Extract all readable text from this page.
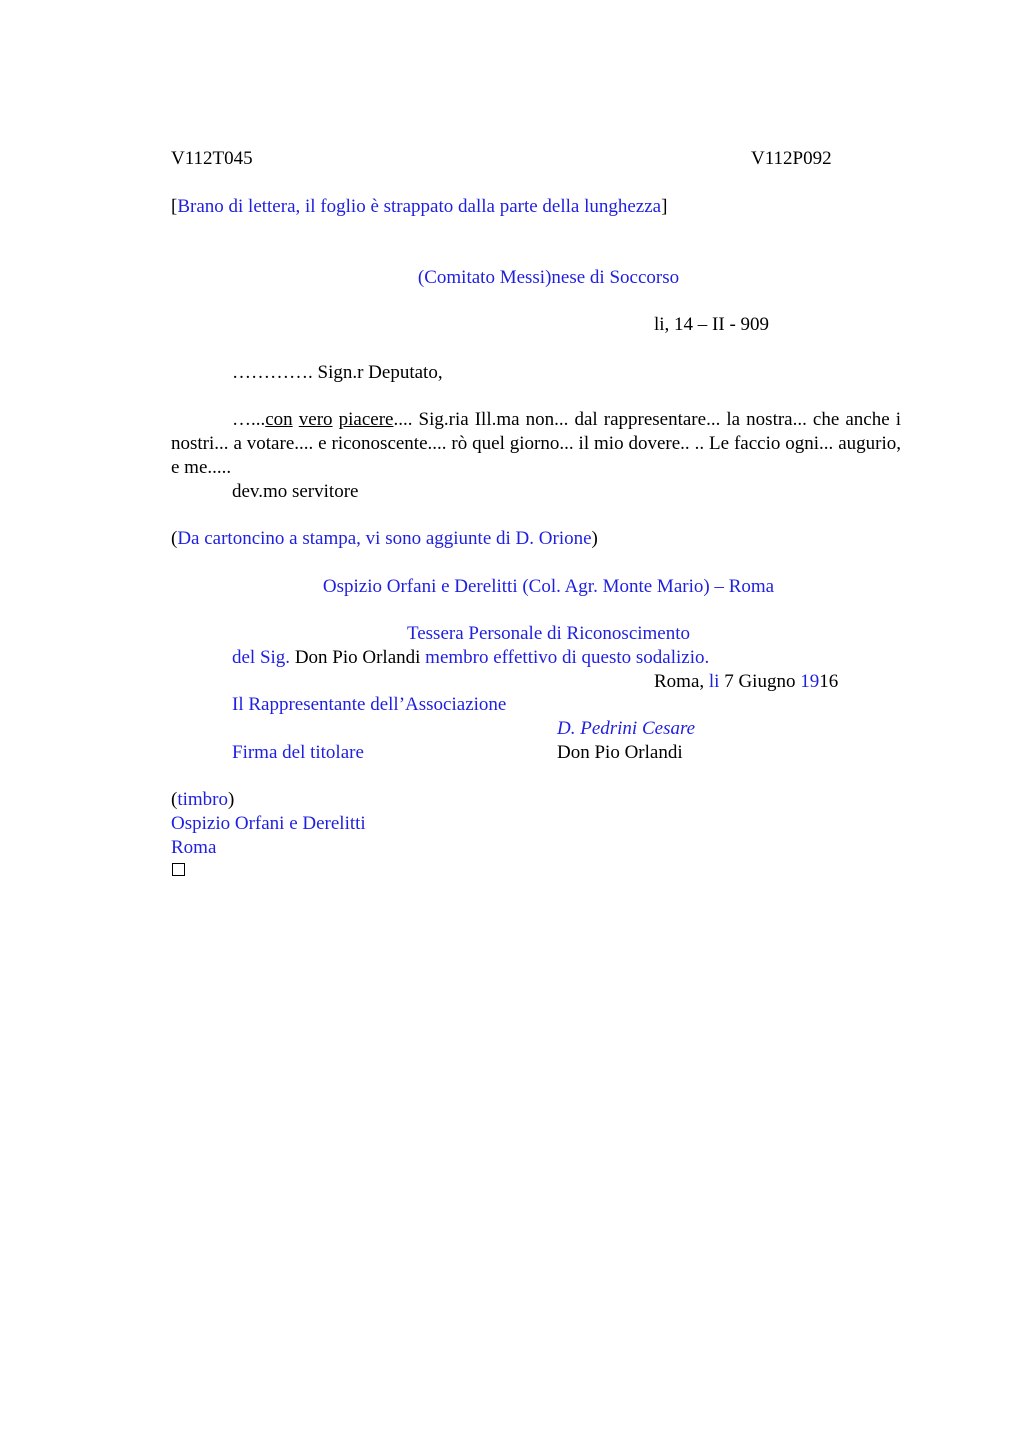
V112T045	V112P092
[Brano di lettera, il foglio è strappato dalla parte della lunghezza]
(Comitato Messi)nese di Soccorso
li, 14 – II - 909
…………. Sign.r Deputato,
…...con vero piacere.... Sig.ria Ill.ma non... dal rappresentare... la nostra... che anche i nostri... a votare.... e riconoscente.... rò quel giorno... il mio dovere.. .. Le faccio ogni... augurio, e me.....
dev.mo servitore
(Da cartoncino a stampa, vi sono aggiunte di D. Orione)
Ospizio Orfani e Derelitti (Col. Agr. Monte Mario) – Roma
Tessera Personale di Riconoscimento
del Sig. Don Pio Orlandi membro effettivo di questo sodalizio.
Roma, li 7 Giugno 1916
Il Rappresentante dell’Associazione
D. Pedrini Cesare
Firma del titolare	Don Pio Orlandi
(timbro)
Ospizio Orfani e Derelitti
Roma
